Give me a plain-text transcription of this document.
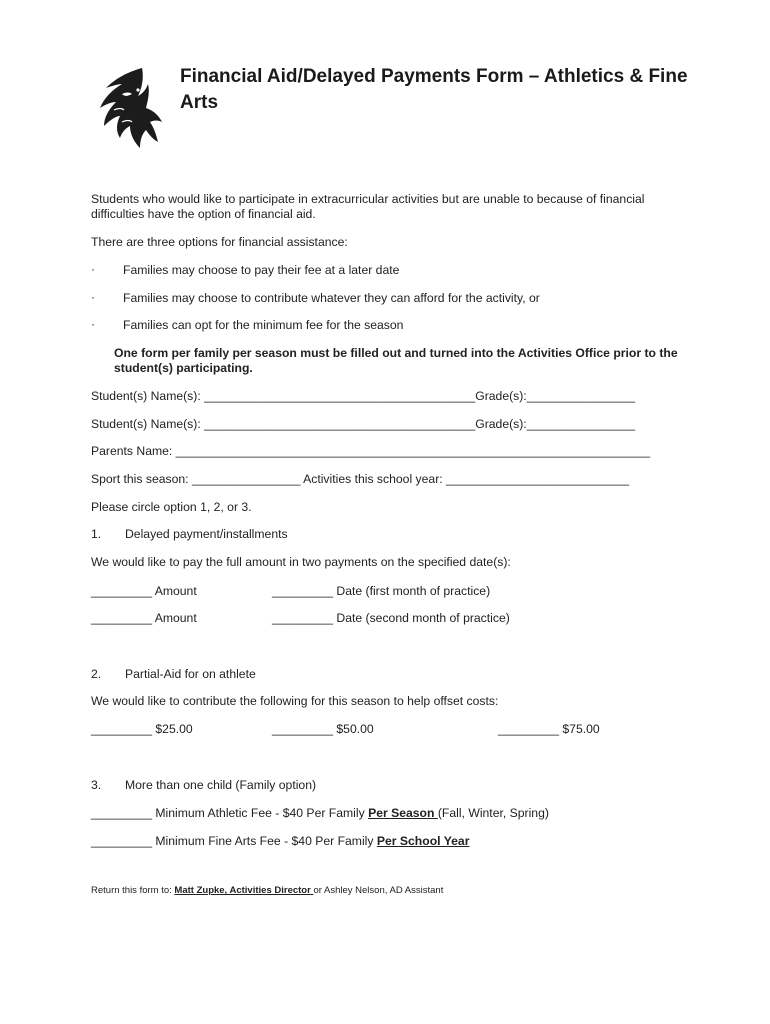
Financial Aid/Delayed Payments Form – Athletics & Fine Arts

Students who would like to participate in extracurricular activities but are unable to because of financial difficulties have the option of financial aid.

There are three options for financial assistance:
· Families may choose to pay their fee at a later date
· Families may choose to contribute whatever they can afford for the activity, or
· Families can opt for the minimum fee for the season

One form per family per season must be filled out and turned into the Activities Office prior to the student(s) participating.

Student(s) Name(s): ________________________________________Grade(s):________________
Student(s) Name(s): ________________________________________Grade(s):________________
Parents Name: ______________________________________________________________________
Sport this season: ________________ Activities this school year: ___________________________
Please circle option 1, 2, or 3.
1. Delayed payment/installments
We would like to pay the full amount in two payments on the specified date(s):
_________ Amount	_________ Date (first month of practice)
_________ Amount	_________ Date (second month of practice)
2. Partial-Aid for on athlete
We would like to contribute the following for this season to help offset costs:
_________ $25.00	_________ $50.00	_________ $75.00
3. More than one child (Family option)
_________ Minimum Athletic Fee - $40 Per Family Per Season (Fall, Winter, Spring)
_________ Minimum Fine Arts Fee - $40 Per Family Per School Year
Return this form to: Matt Zupke, Activities Director or Ashley Nelson, AD Assistant
